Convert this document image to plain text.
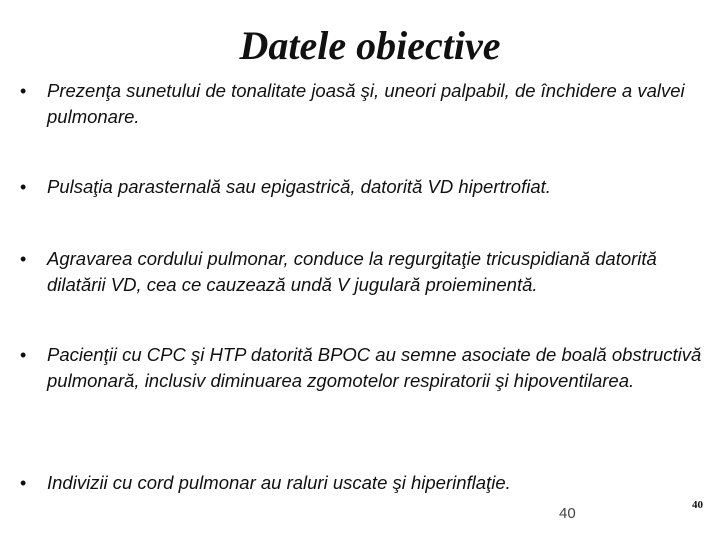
Datele obiective
•	Prezenţa sunetului de tonalitate joasă şi, uneori palpabil, de închidere a valvei pulmonare.
•	Pulsaţia parasternală sau epigastrică, datorită VD hipertrofiat.
•	Agravarea cordului pulmonar, conduce la regurgitaţie tricuspidiană datorită dilatării VD, cea ce cauzează undă V jugulară proieminentă.
•	Pacienţii cu CPC şi HTP datorită BPOC au semne asociate de boală obstructivă pulmonară, inclusiv diminuarea zgomotelor respiratorii şi hipoventilarea.
•	Indivizii cu cord pulmonar au raluri uscate şi hiperinflaţie.
40	40
